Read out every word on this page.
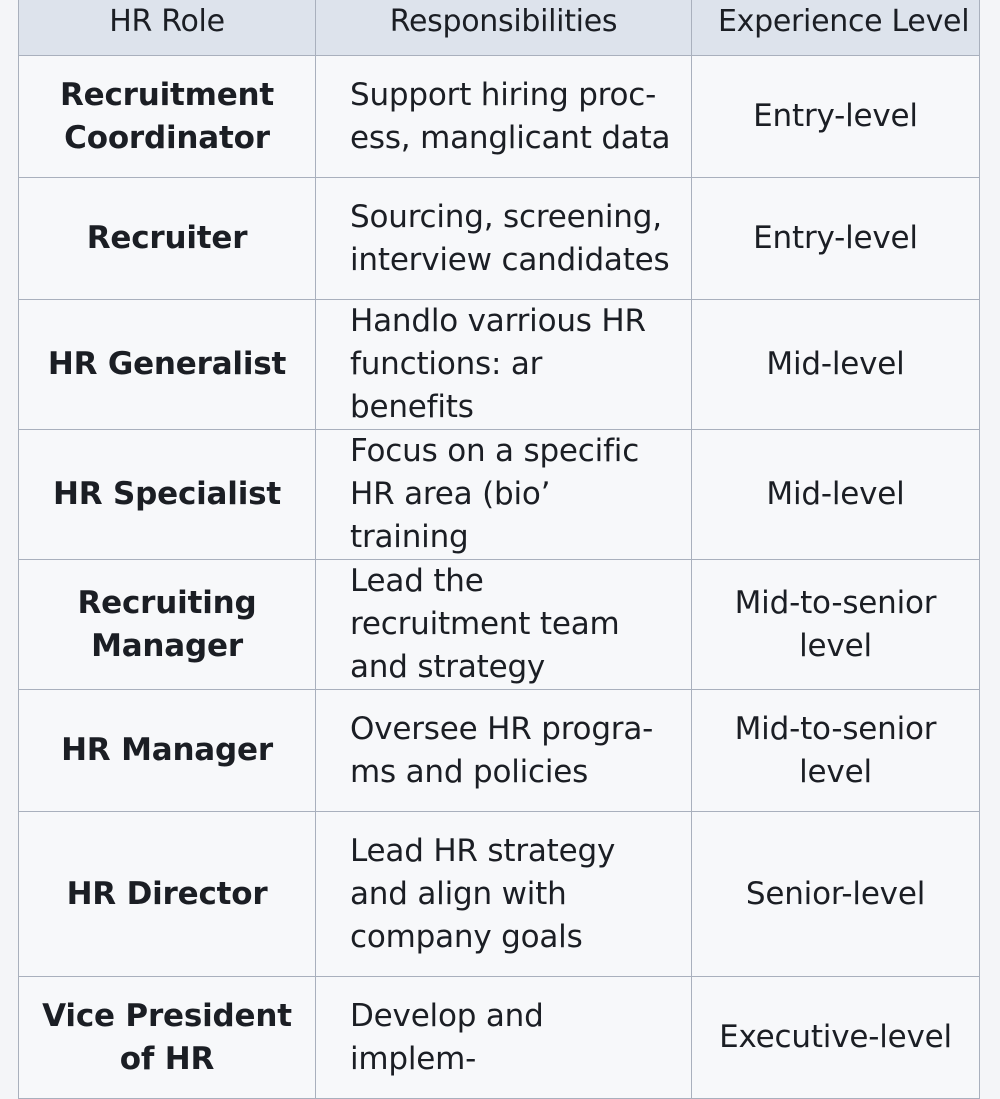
HR Role	Responsibilities	Experience Level
Recruitment Coordinator	Support hiring proc-ess, manglicant data	Entry-level
Recruiter	Sourcing, screening, interview candidates	Entry-level
HR Generalist	Handlo varrious HR functions: ar benefits	Mid-level
HR Specialist	Focus on a specific HR area (bio’ training	Mid-level
Recruiting Manager	Lead the recruitment team and strategy	Mid-to-senior level
HR Manager	Oversee HR progra-ms and policies	Mid-to-senior level
HR Director	Lead HR strategy and align with company goals	Senior-level
Vice President of HR	Develop and implem-	Executive-level
